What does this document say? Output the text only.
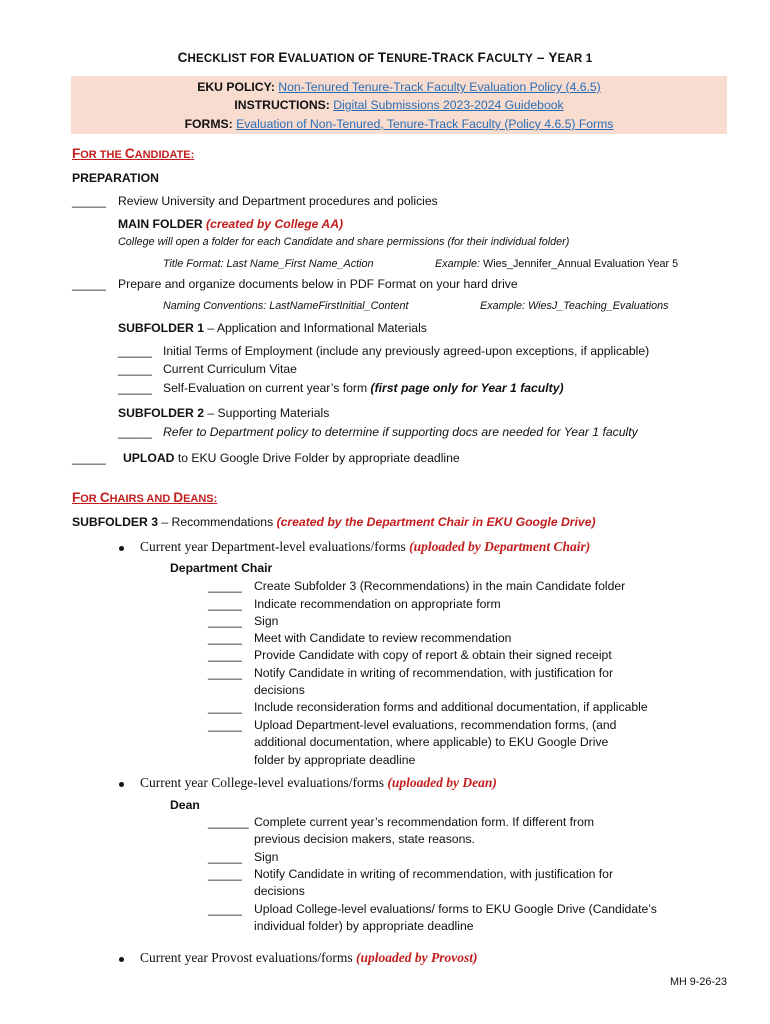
CHECKLIST FOR EVALUATION OF TENURE-TRACK FACULTY – YEAR 1
EKU POLICY: Non-Tenured Tenure-Track Faculty Evaluation Policy (4.6.5)
INSTRUCTIONS: Digital Submissions 2023-2024 Guidebook
FORMS: Evaluation of Non-Tenured, Tenure-Track Faculty (Policy 4.6.5) Forms
FOR THE CANDIDATE:
PREPARATION
_____ Review University and Department procedures and policies
MAIN FOLDER (created by College AA)
College will open a folder for each Candidate and share permissions (for their individual folder)
Title Format: Last Name_First Name_Action	Example: Wies_Jennifer_Annual Evaluation Year 5
_____ Prepare and organize documents below in PDF Format on your hard drive
Naming Conventions: LastNameFirstInitial_Content	Example: WiesJ_Teaching_Evaluations
SUBFOLDER 1 – Application and Informational Materials
_____ Initial Terms of Employment (include any previously agreed-upon exceptions, if applicable)
_____ Current Curriculum Vitae
_____ Self-Evaluation on current year’s form (first page only for Year 1 faculty)
SUBFOLDER 2 – Supporting Materials
_____ Refer to Department policy to determine if supporting docs are needed for Year 1 faculty
_____ UPLOAD to EKU Google Drive Folder by appropriate deadline
FOR CHAIRS AND DEANS:
SUBFOLDER 3 – Recommendations (created by the Department Chair in EKU Google Drive)
Current year Department-level evaluations/forms (uploaded by Department Chair)
Department Chair
_____ Create Subfolder 3 (Recommendations) in the main Candidate folder
_____ Indicate recommendation on appropriate form
_____ Sign
_____ Meet with Candidate to review recommendation
_____ Provide Candidate with copy of report & obtain their signed receipt
_____ Notify Candidate in writing of recommendation, with justification for
decisions
_____ Include reconsideration forms and additional documentation, if applicable
_____ Upload Department-level evaluations, recommendation forms, (and
additional documentation, where applicable) to EKU Google Drive
folder by appropriate deadline
Current year College-level evaluations/forms (uploaded by Dean)
Dean
______ Complete current year’s recommendation form. If different from
previous decision makers, state reasons.
_____ Sign
_____ Notify Candidate in writing of recommendation, with justification for
decisions
_____ Upload College-level evaluations/ forms to EKU Google Drive (Candidate’s
individual folder) by appropriate deadline
Current year Provost evaluations/forms (uploaded by Provost)
MH 9-26-23
